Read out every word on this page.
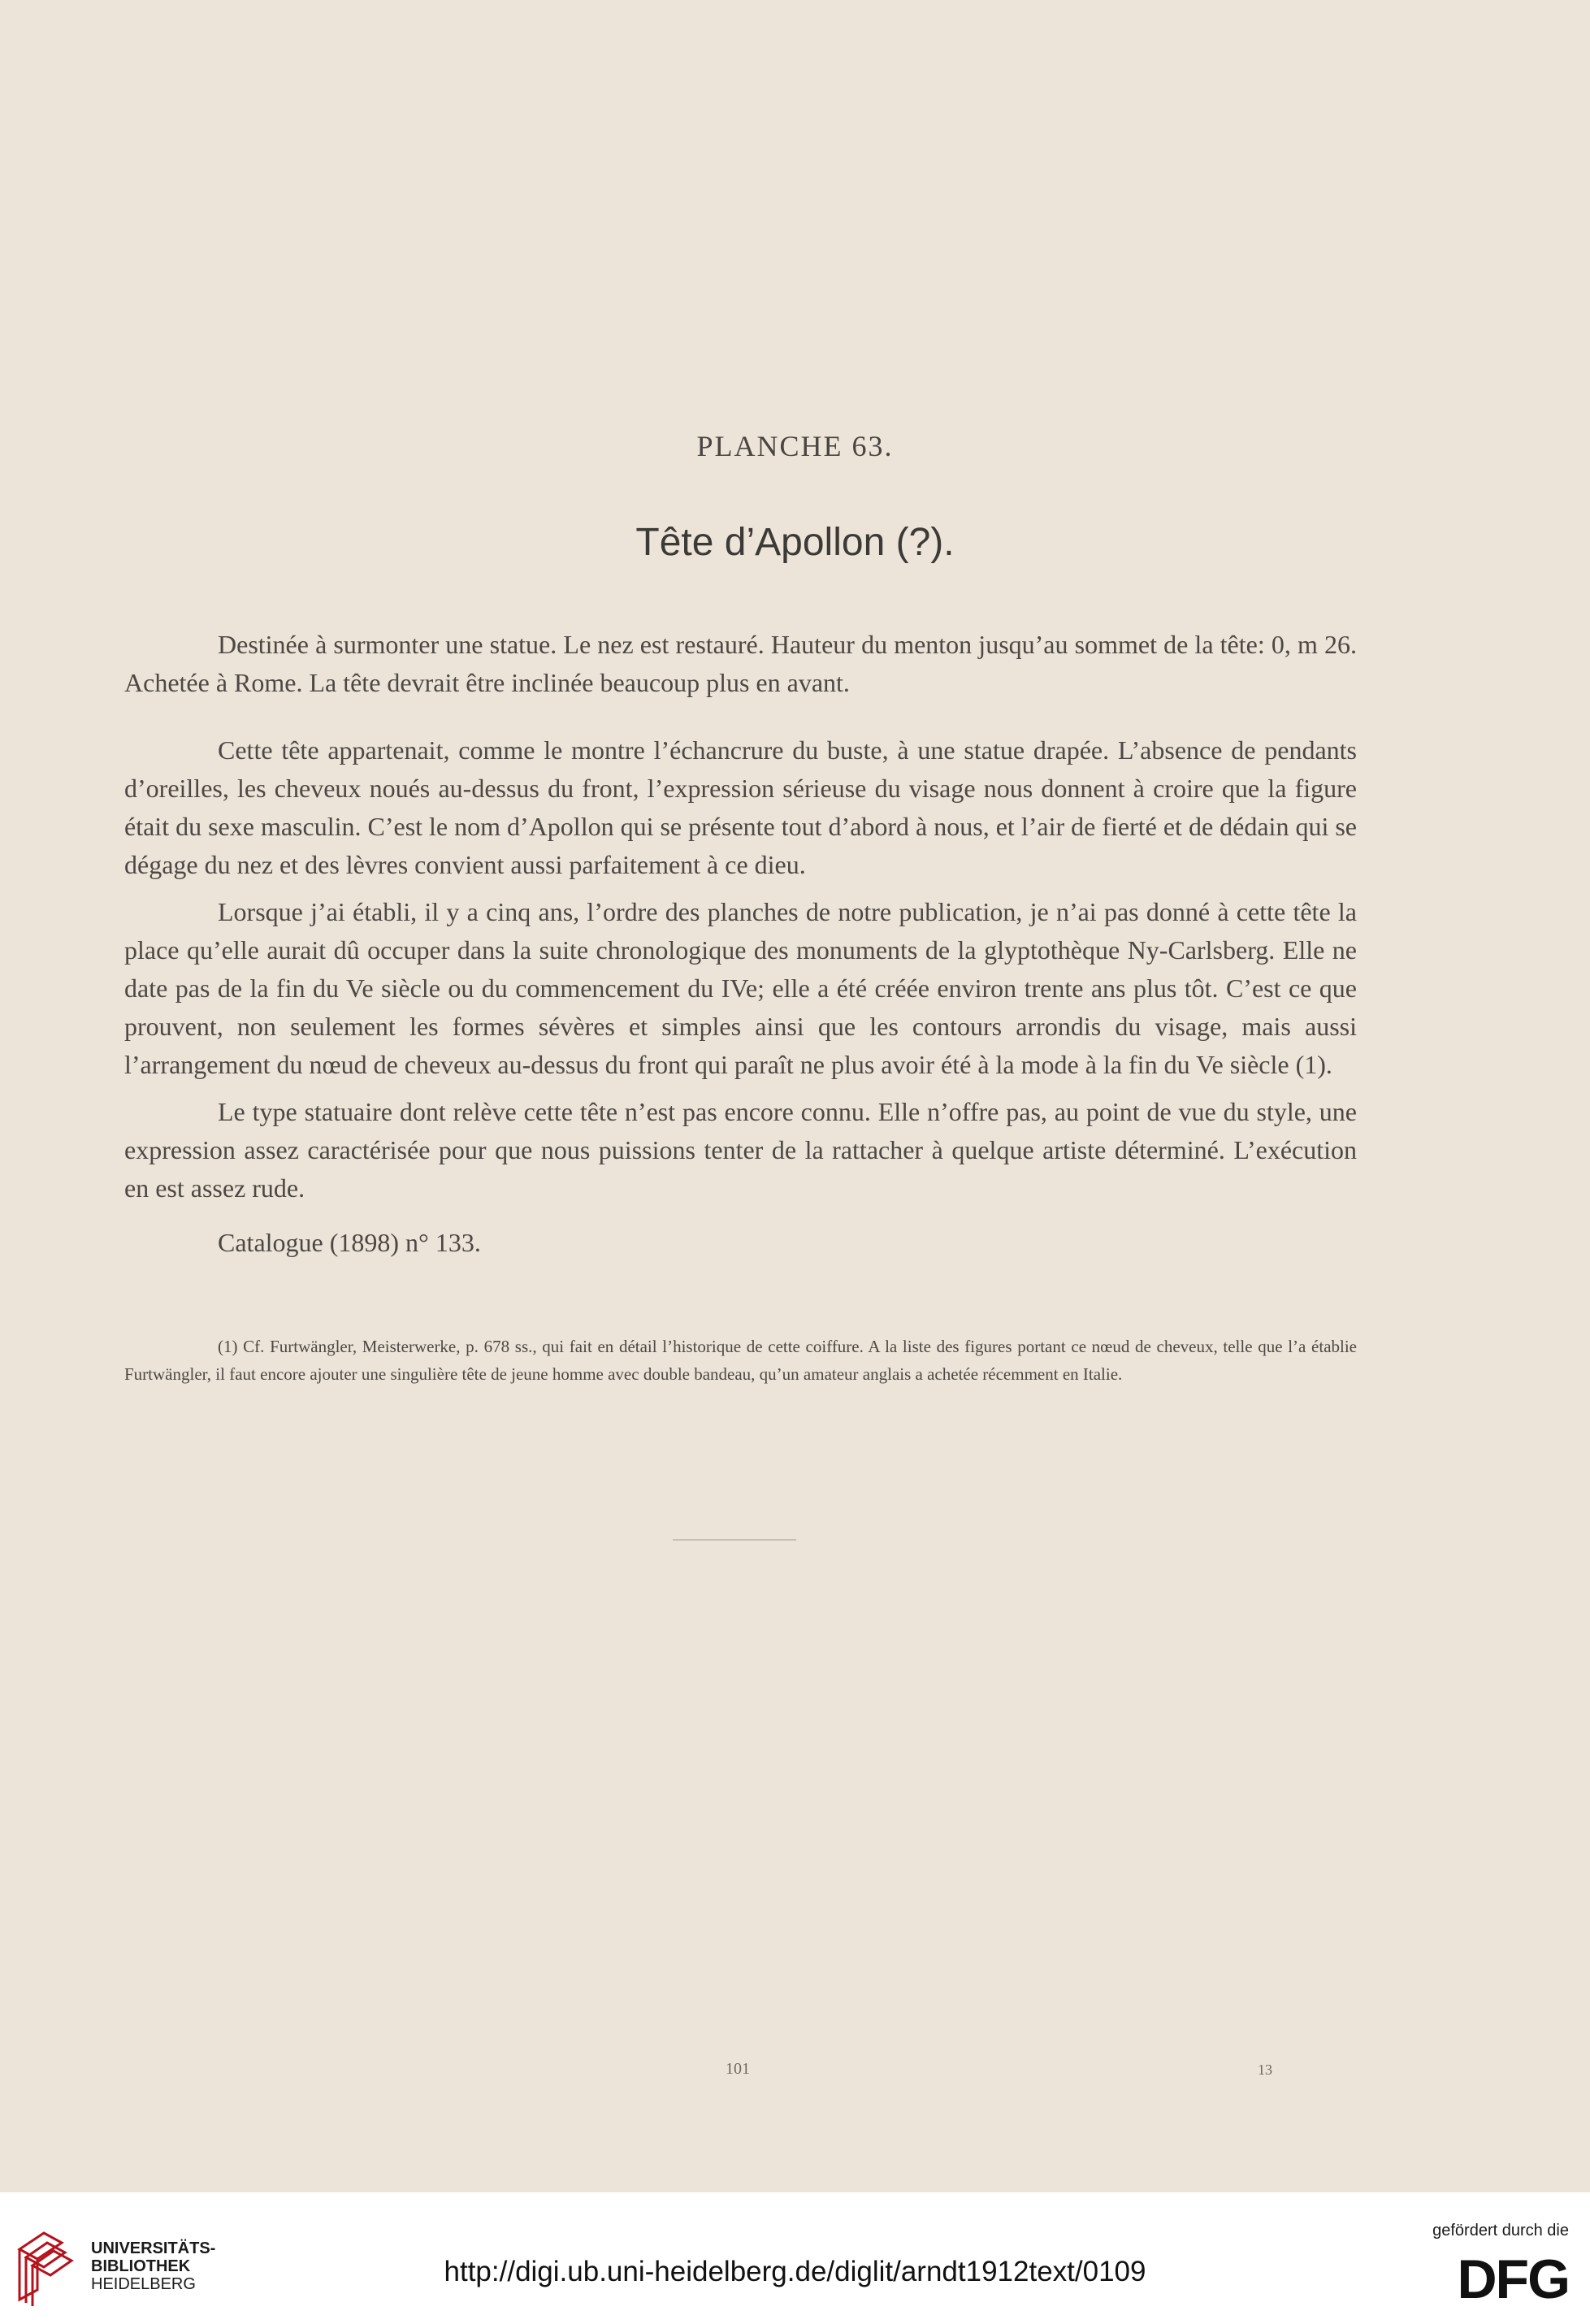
PLANCHE 63.
Tête d’Apollon (?).

Destinée à surmonter une statue. Le nez est restauré. Hauteur du menton jusqu’au sommet de la tête: 0, m 26. Achetée à Rome. La tête devrait être inclinée beaucoup plus en avant.

Cette tête appartenait, comme le montre l’échancrure du buste, à une statue drapée. L’absence de pendants d’oreilles, les cheveux noués au-dessus du front, l’expression sérieuse du visage nous donnent à croire que la figure était du sexe masculin. C’est le nom d’Apollon qui se présente tout d’abord à nous, et l’air de fierté et de dédain qui se dégage du nez et des lèvres convient aussi parfaitement à ce dieu.

Lorsque j’ai établi, il y a cinq ans, l’ordre des planches de notre publication, je n’ai pas donné à cette tête la place qu’elle aurait dû occuper dans la suite chronologique des monuments de la glyptothèque Ny-Carlsberg. Elle ne date pas de la fin du Ve siècle ou du commencement du IVe; elle a été créée environ trente ans plus tôt. C’est ce que prouvent, non seulement les formes sévères et simples ainsi que les contours arrondis du visage, mais aussi l’arrangement du nœud de cheveux au-dessus du front qui paraît ne plus avoir été à la mode à la fin du Ve siècle (1).

Le type statuaire dont relève cette tête n’est pas encore connu. Elle n’offre pas, au point de vue du style, une expression assez caractérisée pour que nous puissions tenter de la rattacher à quelque artiste déterminé. L’exécution en est assez rude.

Catalogue (1898) n° 133.

(1) Cf. Furtwängler, Meisterwerke, p. 678 ss., qui fait en détail l’historique de cette coiffure. A la liste des figures portant ce nœud de cheveux, telle que l’a établie Furtwängler, il faut encore ajouter une singulière tête de jeune homme avec double bandeau, qu’un amateur anglais a achetée récemment en Italie.
101	13
UNIVERSITÄTS-
BIBLIOTHEK
HEIDELBERG	http://digi.ub.uni-heidelberg.de/diglit/arndt1912text/0109
gefördert durch die
DFG
